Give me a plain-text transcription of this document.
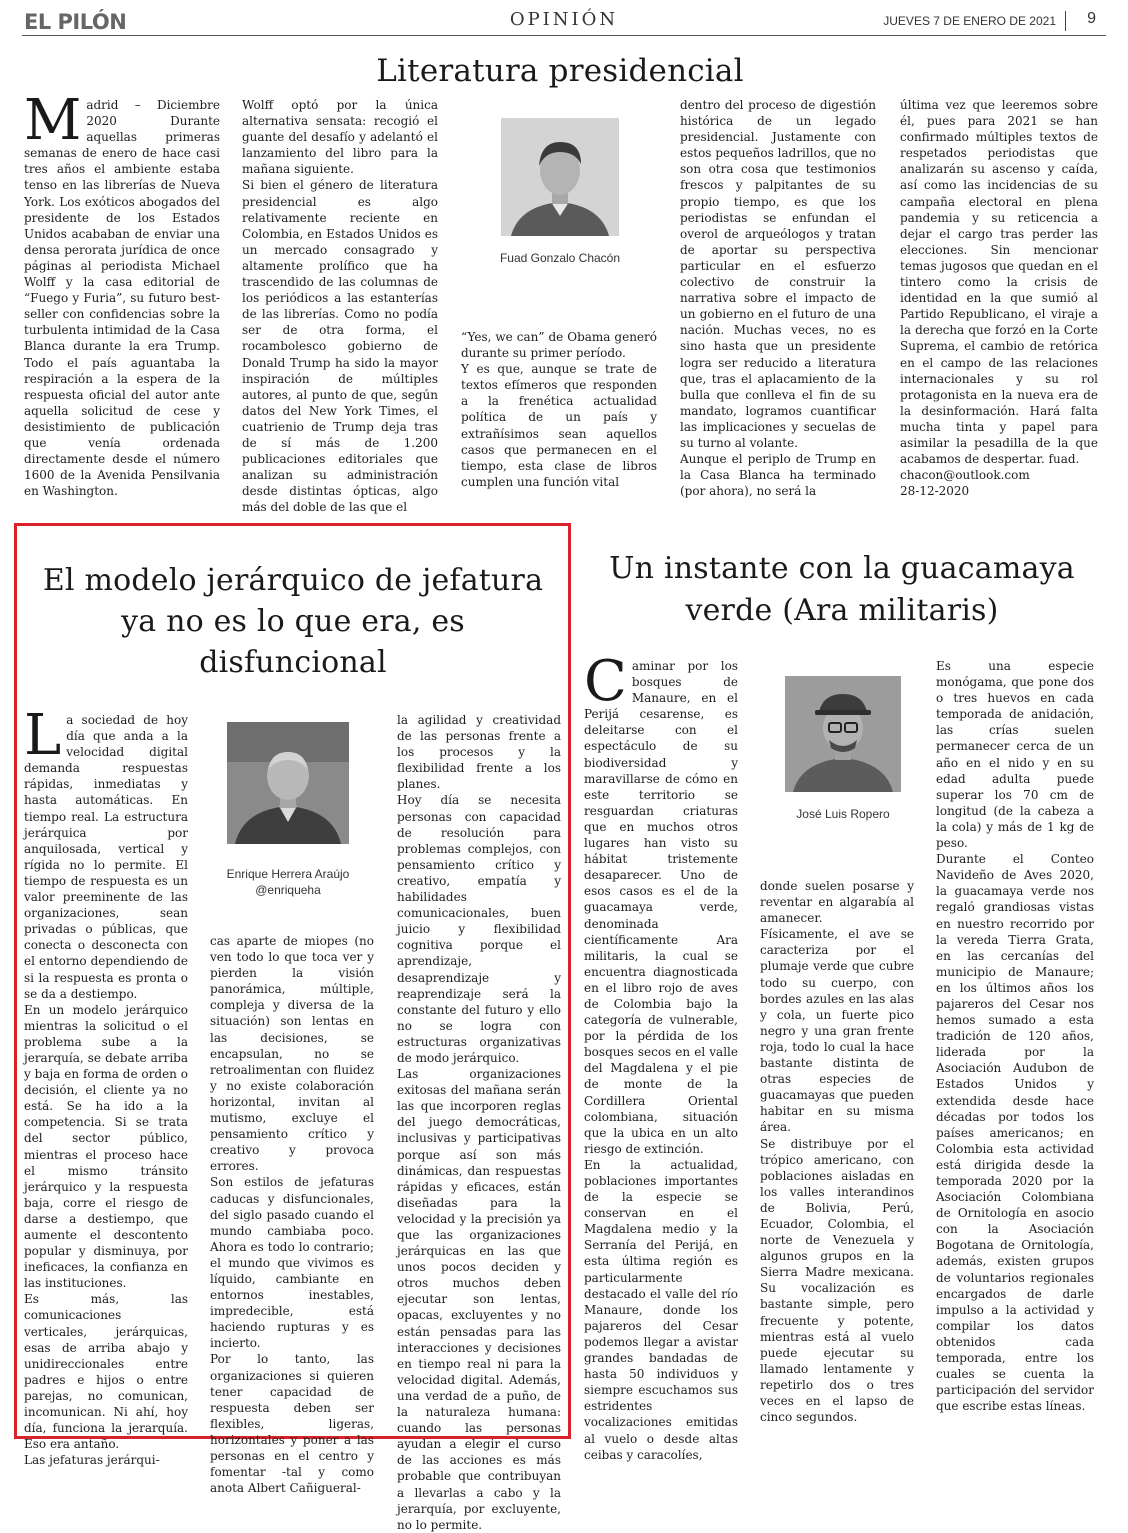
EL PILÓN	OPINIÓN	JUEVES 7 DE ENERO DE 2021 9
Literatura presidencial
M adrid – Diciembre 2020 Durante aquellas primeras semanas de enero de hace casi tres años el ambiente estaba tenso en las librerías de Nueva York. Los exóticos abogados del presidente de los Estados Unidos acababan de enviar una densa perorata jurídica de once páginas al periodista Michael Wolff y la casa editorial de “Fuego y Furia”, su futuro best-seller con confidencias sobre la turbulenta intimidad de la Casa Blanca durante la era Trump. Todo el país aguantaba la respiración a la espera de la respuesta oficial del autor ante aquella solicitud de cese y desistimiento de publicación que venía ordenada directamente desde el número 1600 de la Avenida Pensilvania en Washington.

Wolff optó por la única alternativa sensata: recogió el guante del desafío y adelantó el lanzamiento del libro para la mañana siguiente.

Si bien el género de literatura presidencial es algo relativamente reciente en Colombia, en Estados Unidos es un mercado consagrado y altamente prolífico que ha trascendido de las columnas de los periódicos a las estanterías de las librerías. Como no podía ser de otra forma, el rocambolesco gobierno de Donald Trump ha sido la mayor inspiración de múltiples autores, al punto de que, según datos del New York Times, el cuatrienio de Trump deja tras de sí más de 1.200 publicaciones editoriales que analizan su administración desde distintas ópticas, algo más del doble de las que el

Fuad Gonzalo Chacón

“Yes, we can” de Obama generó durante su primer período.

Y es que, aunque se trate de textos efímeros que responden a la frenética actualidad política de un país y extrañísimos sean aquellos casos que permanecen en el tiempo, esta clase de libros cumplen una función vital

dentro del proceso de digestión histórica de un legado presidencial. Justamente con estos pequeños ladrillos, que no son otra cosa que testimonios frescos y palpitantes de su propio tiempo, es que los periodistas se enfundan el overol de arqueólogos y tratan de aportar su perspectiva particular en el esfuerzo colectivo de construir la narrativa sobre el impacto de un gobierno en el futuro de una nación. Muchas veces, no es sino hasta que un presidente logra ser reducido a literatura que, tras el aplacamiento de la bulla que conlleva el fin de su mandato, logramos cuantificar las implicaciones y secuelas de su turno al volante.

Aunque el periplo de Trump en la Casa Blanca ha terminado (por ahora), no será la

última vez que leeremos sobre él, pues para 2021 se han confirmado múltiples textos de respetados periodistas que analizarán su ascenso y caída, así como las incidencias de su campaña electoral en plena pandemia y su reticencia a dejar el cargo tras perder las elecciones. Sin mencionar temas jugosos que quedan en el tintero como la crisis de identidad en la que sumió al Partido Republicano, el viraje a la derecha que forzó en la Corte Suprema, el cambio de retórica en el campo de las relaciones internacionales y su rol protagonista en la nueva era de la desinformación. Hará falta mucha tinta y papel para asimilar la pesadilla de la que acabamos de despertar. fuad.

chacon@outlook.com

28-12-2020

El modelo jerárquico de jefatura ya no es lo que era, es disfuncional
L a sociedad de hoy día que anda a la velocidad digital demanda respuestas rápidas, inmediatas y hasta automáticas. En tiempo real. La estructura jerárquica por anquilosada, vertical y rígida no lo permite. El tiempo de respuesta es un valor preeminente de las organizaciones, sean privadas o públicas, que conecta o desconecta con el entorno dependiendo de si la respuesta es pronta o se da a destiempo.

En un modelo jerárquico mientras la solicitud o el problema sube a la jerarquía, se debate arriba y baja en forma de orden o decisión, el cliente ya no está. Se ha ido a la competencia. Si se trata del sector público, mientras el proceso hace el mismo tránsito jerárquico y la respuesta baja, corre el riesgo de darse a destiempo, que aumente el descontento popular y disminuya, por ineficaces, la confianza en las instituciones.

Es más, las comunicaciones verticales, jerárquicas, esas de arriba abajo y unidireccionales entre padres e hijos o entre parejas, no comunican, incomunican. Ni ahí, hoy día, funciona la jerarquía. Eso era antaño.

Las jefaturas jerárqui-

Enrique Herrera Araújo
@enriqueha

cas aparte de miopes (no ven todo lo que toca ver y pierden la visión panorámica, múltiple, compleja y diversa de la situación) son lentas en las decisiones, se encapsulan, no se retroalimentan con fluidez y no existe colaboración horizontal, invitan al mutismo, excluye el pensamiento crítico y creativo y provoca errores.

Son estilos de jefaturas caducas y disfuncionales, del siglo pasado cuando el mundo cambiaba poco. Ahora es todo lo contrario; el mundo que vivimos es líquido, cambiante en entornos inestables, impredecible, está haciendo rupturas y es incierto.

Por lo tanto, las organizaciones si quieren tener capacidad de respuesta deben ser flexibles, ligeras, horizontales y poner a las personas en el centro y fomentar -tal y como anota Albert Cañigueral-

la agilidad y creatividad de las personas frente a los procesos y la flexibilidad frente a los planes.

Hoy día se necesita personas con capacidad de resolución para problemas complejos, con pensamiento crítico y creativo, empatía y habilidades comunicacionales, buen juicio y flexibilidad cognitiva porque el aprendizaje, desaprendizaje y reaprendizaje será la constante del futuro y ello no se logra con estructuras organizativas de modo jerárquico.

Las organizaciones exitosas del mañana serán las que incorporen reglas del juego democráticas, inclusivas y participativas porque así son más dinámicas, dan respuestas rápidas y eficaces, están diseñadas para la velocidad y la precisión ya que las organizaciones jerárquicas en las que unos pocos deciden y otros muchos deben ejecutar son lentas, opacas, excluyentes y no están pensadas para las interacciones y decisiones en tiempo real ni para la velocidad digital. Además, una verdad de a puño, de la naturaleza humana: cuando las personas ayudan a elegir el curso de las acciones es más probable que contribuyan a llevarlas a cabo y la jerarquía, por excluyente, no lo permite.

Un instante con la guacamaya verde (Ara militaris)
C aminar por los bosques de Manaure, en el Perijá cesarense, es deleitarse con el espectáculo de su biodiversidad y maravillarse de cómo en este territorio se resguardan criaturas que en muchos otros lugares han visto su hábitat tristemente desaparecer. Uno de esos casos es el de la guacamaya verde, denominada científicamente Ara militaris, la cual se encuentra diagnosticada en el libro rojo de aves de Colombia bajo la categoría de vulnerable, por la pérdida de los bosques secos en el valle del Magdalena y el pie de monte de la Cordillera Oriental colombiana, situación que la ubica en un alto riesgo de extinción.

En la actualidad, poblaciones importantes de la especie se conservan en el Magdalena medio y la Serranía del Perijá, en esta última región es particularmente destacado el valle del río Manaure, donde los pajareros del Cesar podemos llegar a avistar grandes bandadas de hasta 50 individuos y siempre escuchamos sus estridentes vocalizaciones emitidas al vuelo o desde altas ceibas y caracolíes,

José Luis Ropero

donde suelen posarse y reventar en algarabía al amanecer.

Físicamente, el ave se caracteriza por el plumaje verde que cubre todo su cuerpo, con bordes azules en las alas y cola, un fuerte pico negro y una gran frente roja, todo lo cual la hace bastante distinta de otras especies de guacamayas que pueden habitar en su misma área.

Se distribuye por el trópico americano, con poblaciones aisladas en los valles interandinos de Bolivia, Perú, Ecuador, Colombia, el norte de Venezuela y algunos grupos en la Sierra Madre mexicana. Su vocalización es bastante simple, pero frecuente y potente, mientras está al vuelo puede ejecutar su llamado lentamente y repetirlo dos o tres veces en el lapso de cinco segundos.

Es una especie monógama, que pone dos o tres huevos en cada temporada de anidación, las crías suelen permanecer cerca de un año en el nido y en su edad adulta puede superar los 70 cm de longitud (de la cabeza a la cola) y más de 1 kg de peso.

Durante el Conteo Navideño de Aves 2020, la guacamaya verde nos regaló grandiosas vistas en nuestro recorrido por la vereda Tierra Grata, en las cercanías del municipio de Manaure; en los últimos años los pajareros del Cesar nos hemos sumado a esta tradición de 120 años, liderada por la Asociación Audubon de Estados Unidos y extendida desde hace décadas por todos los países americanos; en Colombia esta actividad está dirigida desde la temporada 2020 por la Asociación Colombiana de Ornitología en asocio con la Asociación Bogotana de Ornitología, además, existen grupos de voluntarios regionales encargados de darle impulso a la actividad y compilar los datos obtenidos cada temporada, entre los cuales se cuenta la participación del servidor que escribe estas líneas.
